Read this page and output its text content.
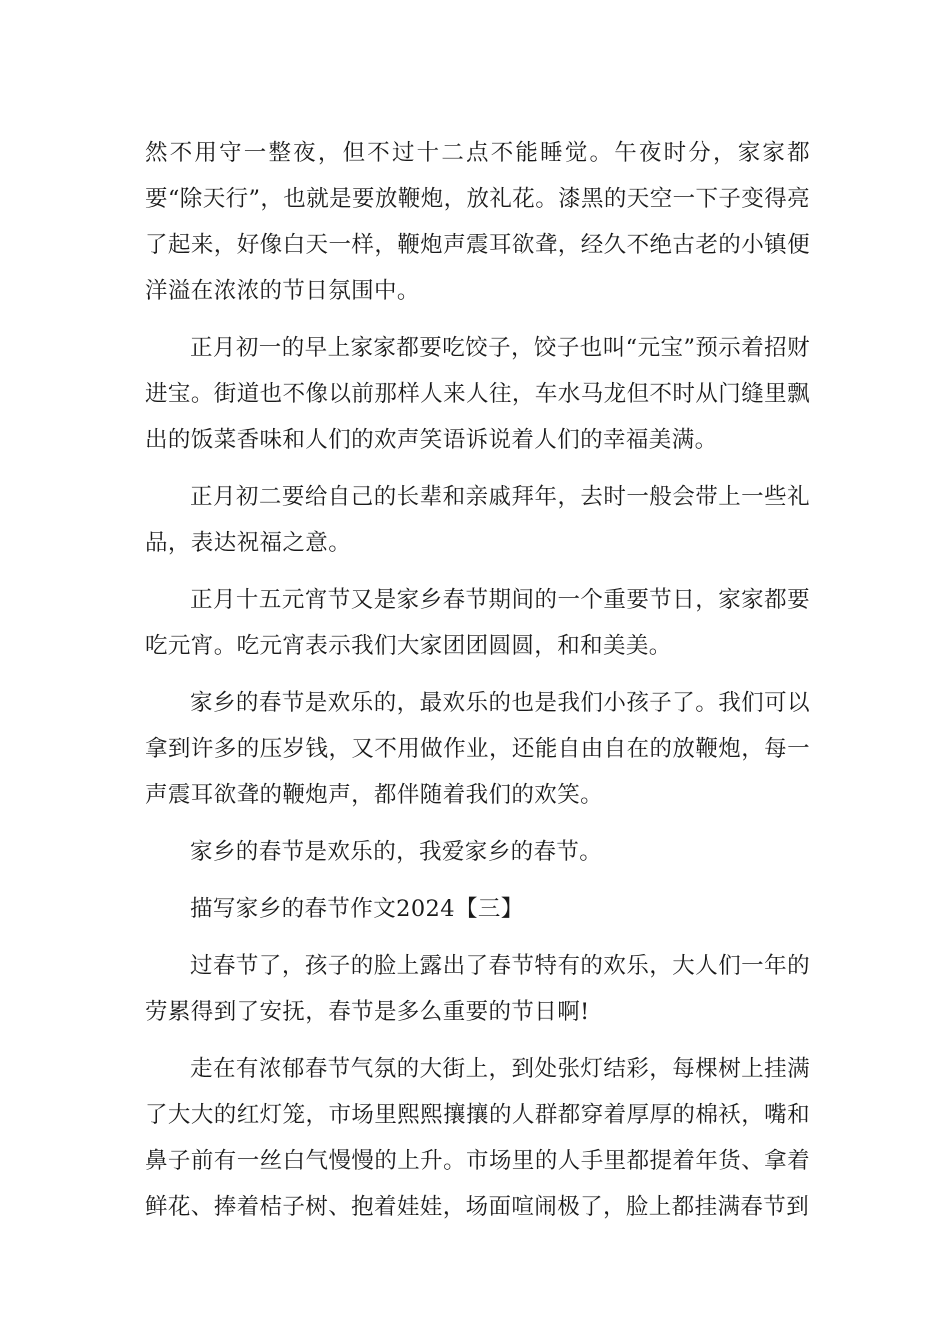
然不用守一整夜，但不过十二点不能睡觉。午夜时分，家家都要“除天行”，也就是要放鞭炮，放礼花。漆黑的天空一下子变得亮了起来，好像白天一样，鞭炮声震耳欲聋，经久不绝古老的小镇便洋溢在浓浓的节日氛围中。

正月初一的早上家家都要吃饺子，饺子也叫“元宝”预示着招财进宝。街道也不像以前那样人来人往，车水马龙但不时从门缝里飘出的饭菜香味和人们的欢声笑语诉说着人们的幸福美满。

正月初二要给自己的长辈和亲戚拜年，去时一般会带上一些礼品，表达祝福之意。

正月十五元宵节又是家乡春节期间的一个重要节日，家家都要吃元宵。吃元宵表示我们大家团团圆圆，和和美美。

家乡的春节是欢乐的，最欢乐的也是我们小孩子了。我们可以拿到许多的压岁钱，又不用做作业，还能自由自在的放鞭炮，每一声震耳欲聋的鞭炮声，都伴随着我们的欢笑。

家乡的春节是欢乐的，我爱家乡的春节。

描写家乡的春节作文2024【三】

过春节了，孩子的脸上露出了春节特有的欢乐，大人们一年的劳累得到了安抚，春节是多么重要的节日啊!

走在有浓郁春节气氛的大街上，到处张灯结彩，每棵树上挂满了大大的红灯笼，市场里熙熙攘攘的人群都穿着厚厚的棉袄，嘴和鼻子前有一丝白气慢慢的上升。市场里的人手里都提着年货、拿着鲜花、捧着桔子树、抱着娃娃，场面喧闹极了，脸上都挂满春节到
